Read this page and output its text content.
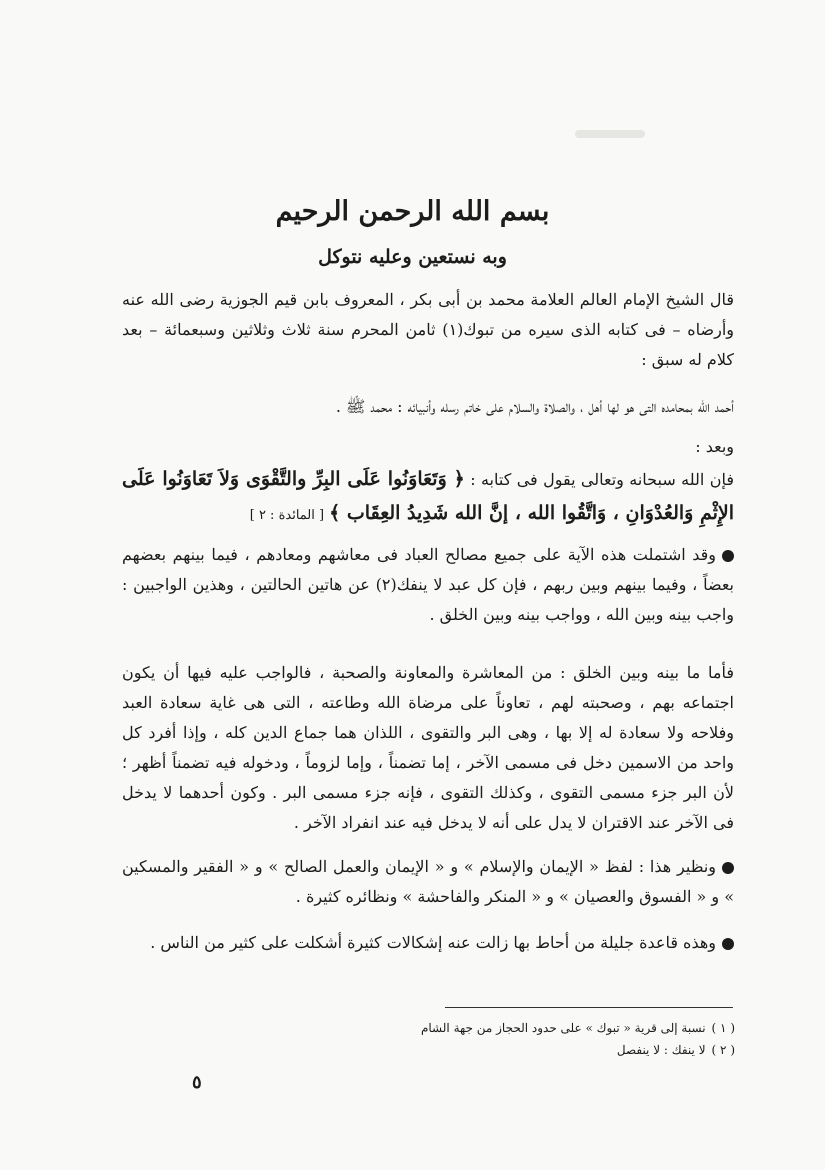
بسم الله الرحمن الرحيم
وبه نستعين وعليه نتوكل
قال الشيخ الإمام العالم العلامة محمد بن أبى بكر ، المعروف بابن قيم الجوزية رضى الله عنه وأرضاه – فى كتابه الذى سيره من تبوك(١) ثامن المحرم سنة ثلاث وثلاثين وسبعمائة – بعد كلام له سبق :
أحمد الله بمحامده التى هو لها أهل ، والصلاة والسلام على خاتم رسله وأنبيائه : محمد ﷺ .
وبعد :
فإن الله سبحانه وتعالى يقول فى كتابه : ﴿ وَتَعَاوَنُوا عَلَى البِرِّ والتَّقْوَى وَلاَ تَعَاوَنُوا عَلَى الإِثْمِ وَالعُدْوَانِ ، وَاتَّقُوا الله ، إنَّ الله شَدِيدُ العِقَاب ﴾ [ المائدة : ٢ ]
وقد اشتملت هذه الآية على جميع مصالح العباد فى معاشهم ومعادهم ، فيما بينهم بعضهم بعضاً ، وفيما بينهم وبين ربهم ، فإن كل عبد لا ينفك(٢) عن هاتين الحالتين ، وهذين الواجبين : واجب بينه وبين الله ، وواجب بينه وبين الخلق .
فأما ما بينه وبين الخلق : من المعاشرة والمعاونة والصحبة ، فالواجب عليه فيها أن يكون اجتماعه بهم ، وصحبته لهم ، تعاوناً على مرضاة الله وطاعته ، التى هى غاية سعادة العبد وفلاحه ولا سعادة له إلا بها ، وهى البر والتقوى ، اللذان هما جماع الدين كله ، وإذا أفرد كل واحد من الاسمين دخل فى مسمى الآخر ، إما تضمناً ، وإما لزوماً ، ودخوله فيه تضمناً أظهر ؛ لأن البر جزء مسمى التقوى ، وكذلك التقوى ، فإنه جزء مسمى البر . وكون أحدهما لا يدخل فى الآخر عند الاقتران لا يدل على أنه لا يدخل فيه عند انفراد الآخر .
ونظير هذا : لفظ « الإيمان والإسلام » و « الإيمان والعمل الصالح » و « الفقير والمسكين » و « الفسوق والعصيان » و « المنكر والفاحشة » ونظائره كثيرة .
وهذه قاعدة جليلة من أحاط بها زالت عنه إشكالات كثيرة أشكلت على كثير من الناس .
( ١ )نسبة إلى قرية « تبوك » على حدود الحجاز من جهة الشام
( ٢ )لا ينفك : لا ينفصل
٥
